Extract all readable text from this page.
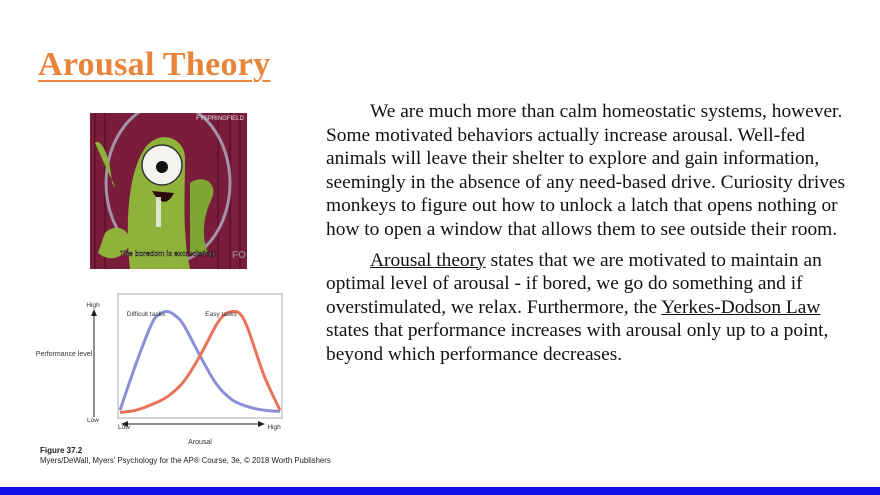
Arousal Theory

We are much more than calm homeostatic systems, however. Some motivated behaviors actually increase arousal. Well-fed animals will leave their shelter to explore and gain information, seemingly in the absence of any need-based drive. Curiosity drives monkeys to figure out how to unlock a latch that opens nothing or how to open a window that allows them to see outside their room.

Arousal theory states that we are motivated to maintain an optimal level of arousal - if bored, we go do something and if overstimulated, we relax. Furthermore, the Yerkes-Dodson Law states that performance increases with arousal only up to a point, beyond which performance decreases.

FYSPRINGFIELD
FO
The boredom is excruciating!
High
Low
Low	High
Arousal
Performance level
Difficult tasks	Easy tasks
Figure 37.2
Myers/DeWall, Myers' Psychology for the AP® Course, 3e, © 2018 Worth Publishers
